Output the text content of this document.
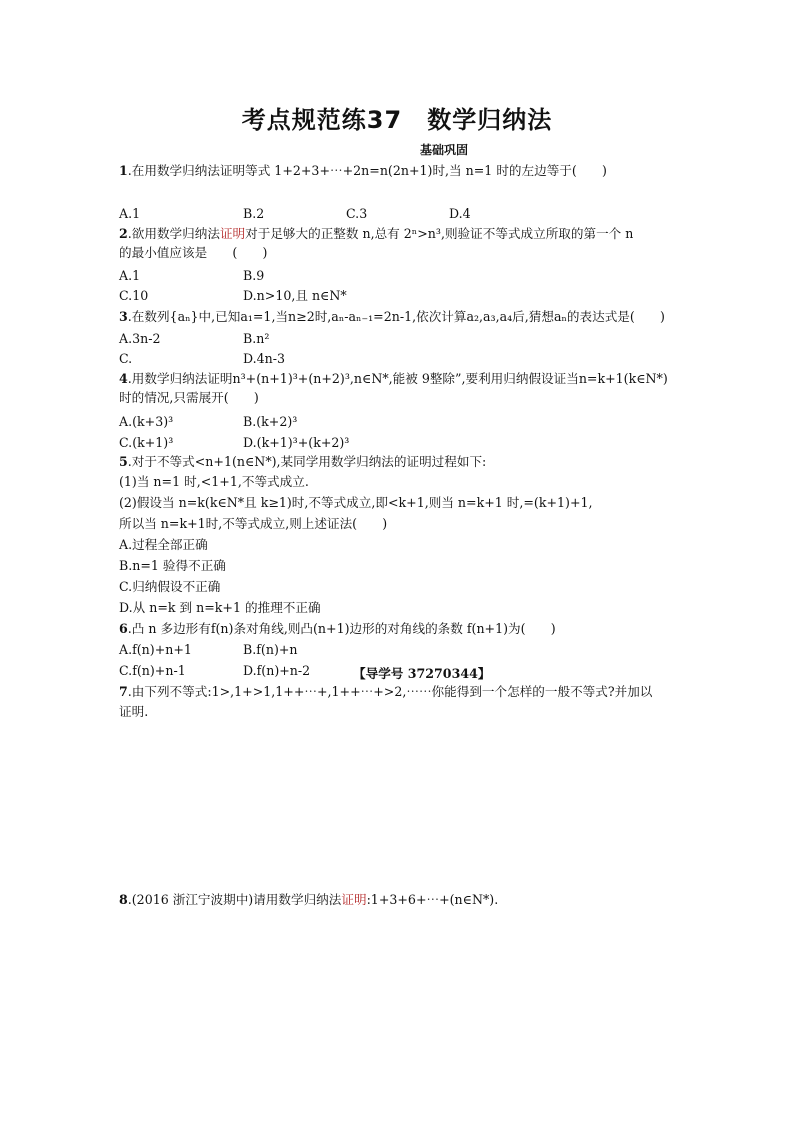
考点规范练37　数学归纳法
基础巩固
1.在用数学归纳法证明等式 1+2+3+⋯+2n=n(2n+1)时,当 n=1 时的左边等于(　　)
A.1	B.2	C.3	D.4
2.欲用数学归纳法证明对于足够大的正整数 n,总有 2ⁿ>n³,则验证不等式成立所取的第一个 n
的最小值应该是　　(　　)
A.1	B.9
C.10	D.n>10,且 n∈N*
3.在数列{aₙ}中,已知a₁=1,当n≥2时,aₙ-aₙ₋₁=2n-1,依次计算a₂,a₃,a₄后,猜想aₙ的表达式是(　　)
A.3n-2	B.n²
C.	D.4n-3
4.用数学归纳法证明n³+(n+1)³+(n+2)³,n∈N*,能被 9整除”,要利用归纳假设证当n=k+1(k∈N*)
时的情况,只需展开(　　)
A.(k+3)³	B.(k+2)³
C.(k+1)³	D.(k+1)³+(k+2)³
5.对于不等式<n+1(n∈N*),某同学用数学归纳法的证明过程如下:
(1)当 n=1 时,<1+1,不等式成立.
(2)假设当 n=k(k∈N*且 k≥1)时,不等式成立,即<k+1,则当 n=k+1 时,=(k+1)+1,
所以当 n=k+1时,不等式成立,则上述证法(　　)
A.过程全部正确
B.n=1 验得不正确
C.归纳假设不正确
D.从 n=k 到 n=k+1 的推理不正确
6.凸 n 多边形有f(n)条对角线,则凸(n+1)边形的对角线的条数 f(n+1)为(　　)
A.f(n)+n+1	B.f(n)+n
C.f(n)+n-1	D.f(n)+n-2	【导学号 37270344】
7.由下列不等式:1>,1+>1,1++⋯+,1++⋯+>2,⋯⋯你能得到一个怎样的一般不等式?并加以
证明.
8.(2016 浙江宁波期中)请用数学归纳法证明:1+3+6+⋯+(n∈N*).
